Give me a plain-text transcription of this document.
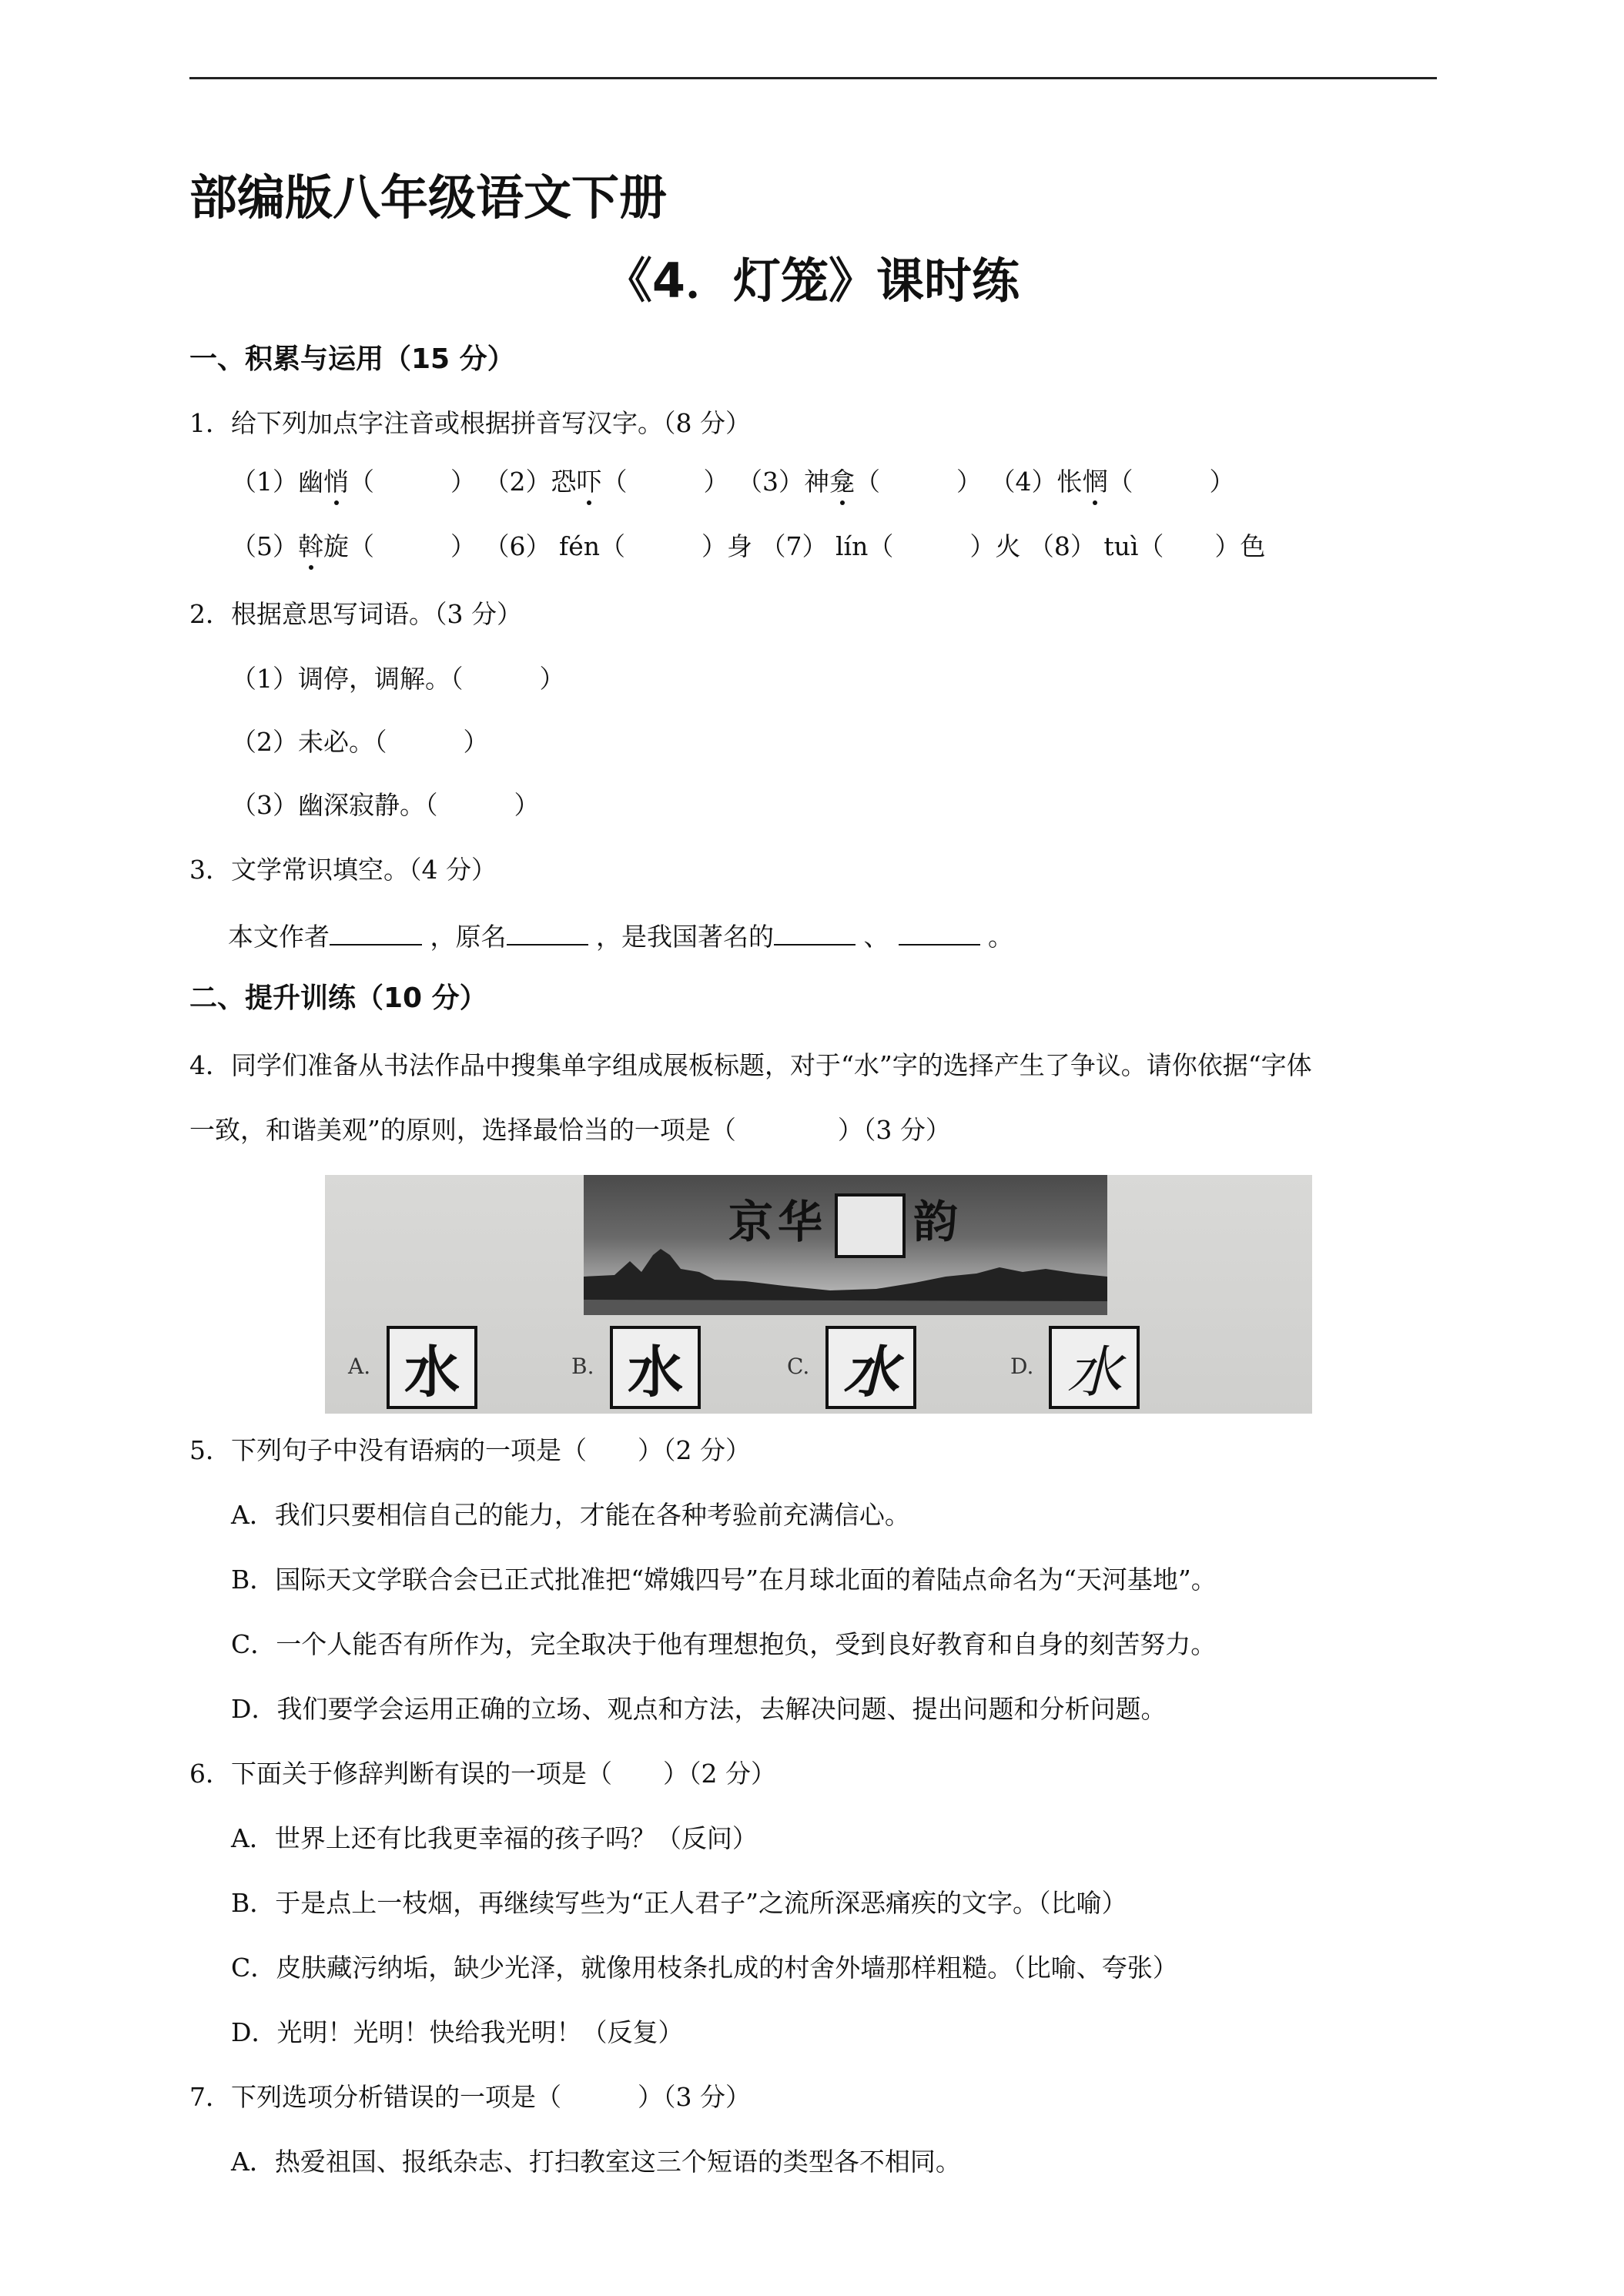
部编版八年级语文下册
《4．灯笼》课时练
一、积累与运用（15 分）
1．给下列加点字注音或根据拼音写汉字。（8 分）
（1）幽悄（　　　） （2）恐吓（　　　） （3）神龛（　　　） （4）怅惘（　　　）
（5）斡旋（　　　） （6） fén（　　　）身 （7） lín（　　　）火 （8） tuì（　　）色
2．根据意思写词语。（3 分）
（1）调停，调解。（　　　）
（2）未必。（　　　）
（3）幽深寂静。（　　　）
3．文学常识填空。（4 分）
本文作者	，原名	，是我国著名的	、	。
二、提升训练（10 分）
4．同学们准备从书法作品中搜集单字组成展板标题，对于“水”字的选择产生了争议。请你依据“字体
一致，和谐美观”的原则，选择最恰当的一项是（　　　　）（3 分）
京华 韵
A. 水	B. 水	C. 水	D. 水
5．下列句子中没有语病的一项是（　　）（2 分）
A．我们只要相信自己的能力，才能在各种考验前充满信心。
B．国际天文学联合会已正式批准把“嫦娥四号”在月球北面的着陆点命名为“天河基地”。
C．一个人能否有所作为，完全取决于他有理想抱负，受到良好教育和自身的刻苦努力。
D．我们要学会运用正确的立场、观点和方法，去解决问题、提出问题和分析问题。
6．下面关于修辞判断有误的一项是（　　）（2 分）
A．世界上还有比我更幸福的孩子吗？（反问）
B．于是点上一枝烟，再继续写些为“正人君子”之流所深恶痛疾的文字。（比喻）
C．皮肤藏污纳垢，缺少光泽，就像用枝条扎成的村舍外墙那样粗糙。（比喻、夸张）
D．光明！光明！快给我光明！（反复）
7．下列选项分析错误的一项是（　　　）（3 分）
A．热爱祖国、报纸杂志、打扫教室这三个短语的类型各不相同。
